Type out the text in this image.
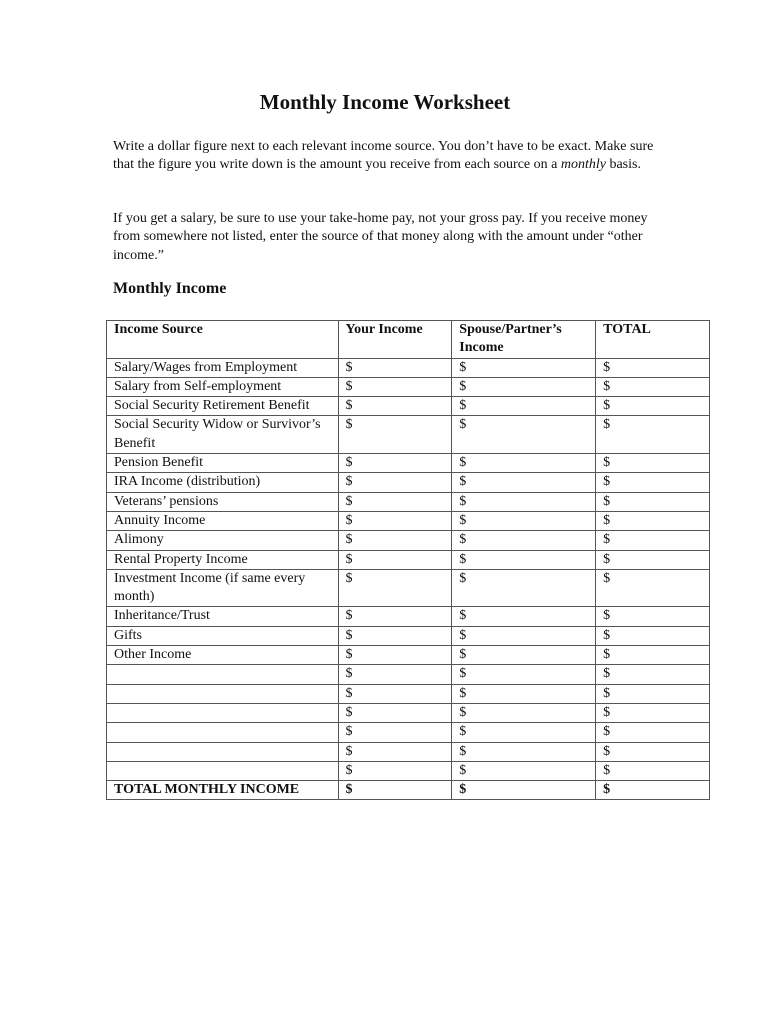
Monthly Income Worksheet

Write a dollar figure next to each relevant income source. You don’t have to be exact. Make sure that the figure you write down is the amount you receive from each source on a monthly basis.

If you get a salary, be sure to use your take-home pay, not your gross pay. If you receive money from somewhere not listed, enter the source of that money along with the amount under “other income.”

Monthly Income
Income Source	Your Income	Spouse/Partner’s Income	TOTAL
Salary/Wages from Employment	$	$	$
Salary from Self-employment	$	$	$
Social Security Retirement Benefit	$	$	$
Social Security Widow or Survivor’s Benefit	$	$	$
Pension Benefit	$	$	$
IRA Income (distribution)	$	$	$
Veterans’ pensions	$	$	$
Annuity Income	$	$	$
Alimony	$	$	$
Rental Property Income	$	$	$
Investment Income (if same every month)	$	$	$
Inheritance/Trust	$	$	$
Gifts	$	$	$
Other Income	$	$	$
	$	$	$
	$	$	$
	$	$	$
	$	$	$
	$	$	$
	$	$	$
TOTAL MONTHLY INCOME	$	$	$
